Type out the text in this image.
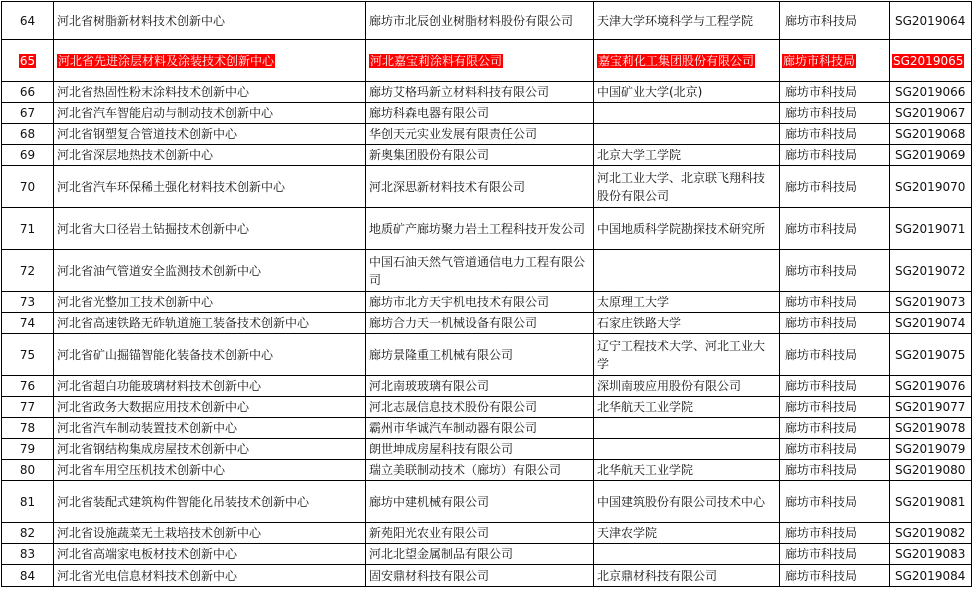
64	河北省树脂新材料技术创新中心	廊坊市北辰创业树脂材料股份有限公司	天津大学环境科学与工程学院	廊坊市科技局	SG2019064
65	河北省先进涂层材料及涂装技术创新中心	河北嘉宝莉涂料有限公司	嘉宝莉化工集团股份有限公司	廊坊市科技局	SG2019065
66	河北省热固性粉末涂料技术创新中心	廊坊艾格玛新立材料科技有限公司	中国矿业大学(北京)	廊坊市科技局	SG2019066
67	河北省汽车智能启动与制动技术创新中心	廊坊科森电器有限公司		廊坊市科技局	SG2019067
68	河北省钢塑复合管道技术创新中心	华创天元实业发展有限责任公司		廊坊市科技局	SG2019068
69	河北省深层地热技术创新中心	新奥集团股份有限公司	北京大学工学院	廊坊市科技局	SG2019069
70	河北省汽车环保稀土强化材料技术创新中心	河北深思新材料技术有限公司	河北工业大学、北京联飞翔科技股份有限公司	廊坊市科技局	SG2019070
71	河北省大口径岩土钻掘技术创新中心	地质矿产廊坊聚力岩土工程科技开发公司	中国地质科学院勘探技术研究所	廊坊市科技局	SG2019071
72	河北省油气管道安全监测技术创新中心	中国石油天然气管道通信电力工程有限公司		廊坊市科技局	SG2019072
73	河北省光整加工技术创新中心	廊坊市北方天宇机电技术有限公司	太原理工大学	廊坊市科技局	SG2019073
74	河北省高速铁路无砟轨道施工装备技术创新中心	廊坊合力天一机械设备有限公司	石家庄铁路大学	廊坊市科技局	SG2019074
75	河北省矿山掘锚智能化装备技术创新中心	廊坊景隆重工机械有限公司	辽宁工程技术大学、河北工业大学	廊坊市科技局	SG2019075
76	河北省超白功能玻璃材料技术创新中心	河北南玻玻璃有限公司	深圳南玻应用股份有限公司	廊坊市科技局	SG2019076
77	河北省政务大数据应用技术创新中心	河北志晟信息技术股份有限公司	北华航天工业学院	廊坊市科技局	SG2019077
78	河北省汽车制动装置技术创新中心	霸州市华诚汽车制动器有限公司		廊坊市科技局	SG2019078
79	河北省钢结构集成房屋技术创新中心	朗世坤成房屋科技有限公司		廊坊市科技局	SG2019079
80	河北省车用空压机技术创新中心	瑞立美联制动技术（廊坊）有限公司	北华航天工业学院	廊坊市科技局	SG2019080
81	河北省装配式建筑构件智能化吊装技术创新中心	廊坊中建机械有限公司	中国建筑股份有限公司技术中心	廊坊市科技局	SG2019081
82	河北省设施蔬菜无土栽培技术创新中心	新苑阳光农业有限公司	天津农学院	廊坊市科技局	SG2019082
83	河北省高端家电板材技术创新中心	河北北望金属制品有限公司		廊坊市科技局	SG2019083
84	河北省光电信息材料技术创新中心	固安鼎材科技有限公司	北京鼎材科技有限公司	廊坊市科技局	SG2019084
